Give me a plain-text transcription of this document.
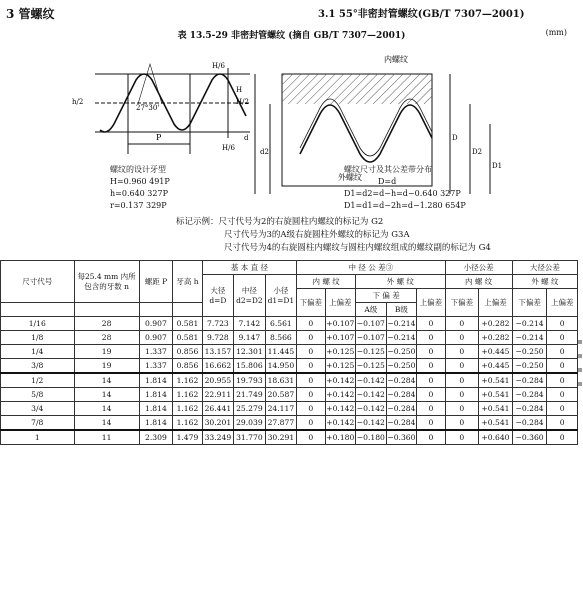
3 管螺纹	3.1 55°非密封管螺纹(GB/T 7307—2001)
表 13.5-29 非密封管螺纹 (摘自 GB/T 7307—2001)	(mm)
H/6
H
H/2
h/2
27°30'
P
H/6
内螺纹
外螺纹
d
d2
D
D2
D1
螺纹的设计牙型
H=0.960 491P
h=0.640 327P
r=0.137 329P
螺纹尺寸及其公差带分布
D=d
D1=d2=d−h=d−0.640 327P
D1=d1=d−2h=d−1.280 654P
标记示例：尺寸代号为2的右旋圆柱内螺纹的标记为 G2
尺寸代号为3的A级右旋圆柱外螺纹的标记为 G3A
尺寸代号为4的右旋圆柱内螺纹与圆柱内螺纹组成的螺纹副的标记为 G4
尺寸代号	每25.4 mm 内所包含的牙数 n	螺距 P	牙高 h	基 本 直 径			中 径 公 差③					小径公差		大径公差	
				大径 d=D	中径 d2=D2	小径 d1=D1	内 螺 纹		外 螺 纹			内 螺 纹		外 螺 纹	
							下偏差	上偏差	下 偏 差		上偏差	下偏差	上偏差	下偏差	上偏差
									A级	B级					
1/16	28	0.907	0.581	7.723	7.142	6.561	0	+0.107	−0.107	−0.214	0	0	+0.282	−0.214	0
1/8	28	0.907	0.581	9.728	9.147	8.566	0	+0.107	−0.107	−0.214	0	0	+0.282	−0.214	0
1/4	19	1.337	0.856	13.157	12.301	11.445	0	+0.125	−0.125	−0.250	0	0	+0.445	−0.250	0
3/8	19	1.337	0.856	16.662	15.806	14.950	0	+0.125	−0.125	−0.250	0	0	+0.445	−0.250	0
1/2	14	1.814	1.162	20.955	19.793	18.631	0	+0.142	−0.142	−0.284	0	0	+0.541	−0.284	0
5/8	14	1.814	1.162	22.911	21.749	20.587	0	+0.142	−0.142	−0.284	0	0	+0.541	−0.284	0
3/4	14	1.814	1.162	26.441	25.279	24.117	0	+0.142	−0.142	−0.284	0	0	+0.541	−0.284	0
7/8	14	1.814	1.162	30.201	29.039	27.877	0	+0.142	−0.142	−0.284	0	0	+0.541	−0.284	0
1	11	2.309	1.479	33.249	31.770	30.291	0	+0.180	−0.180	−0.360	0	0	+0.640	−0.360	0
